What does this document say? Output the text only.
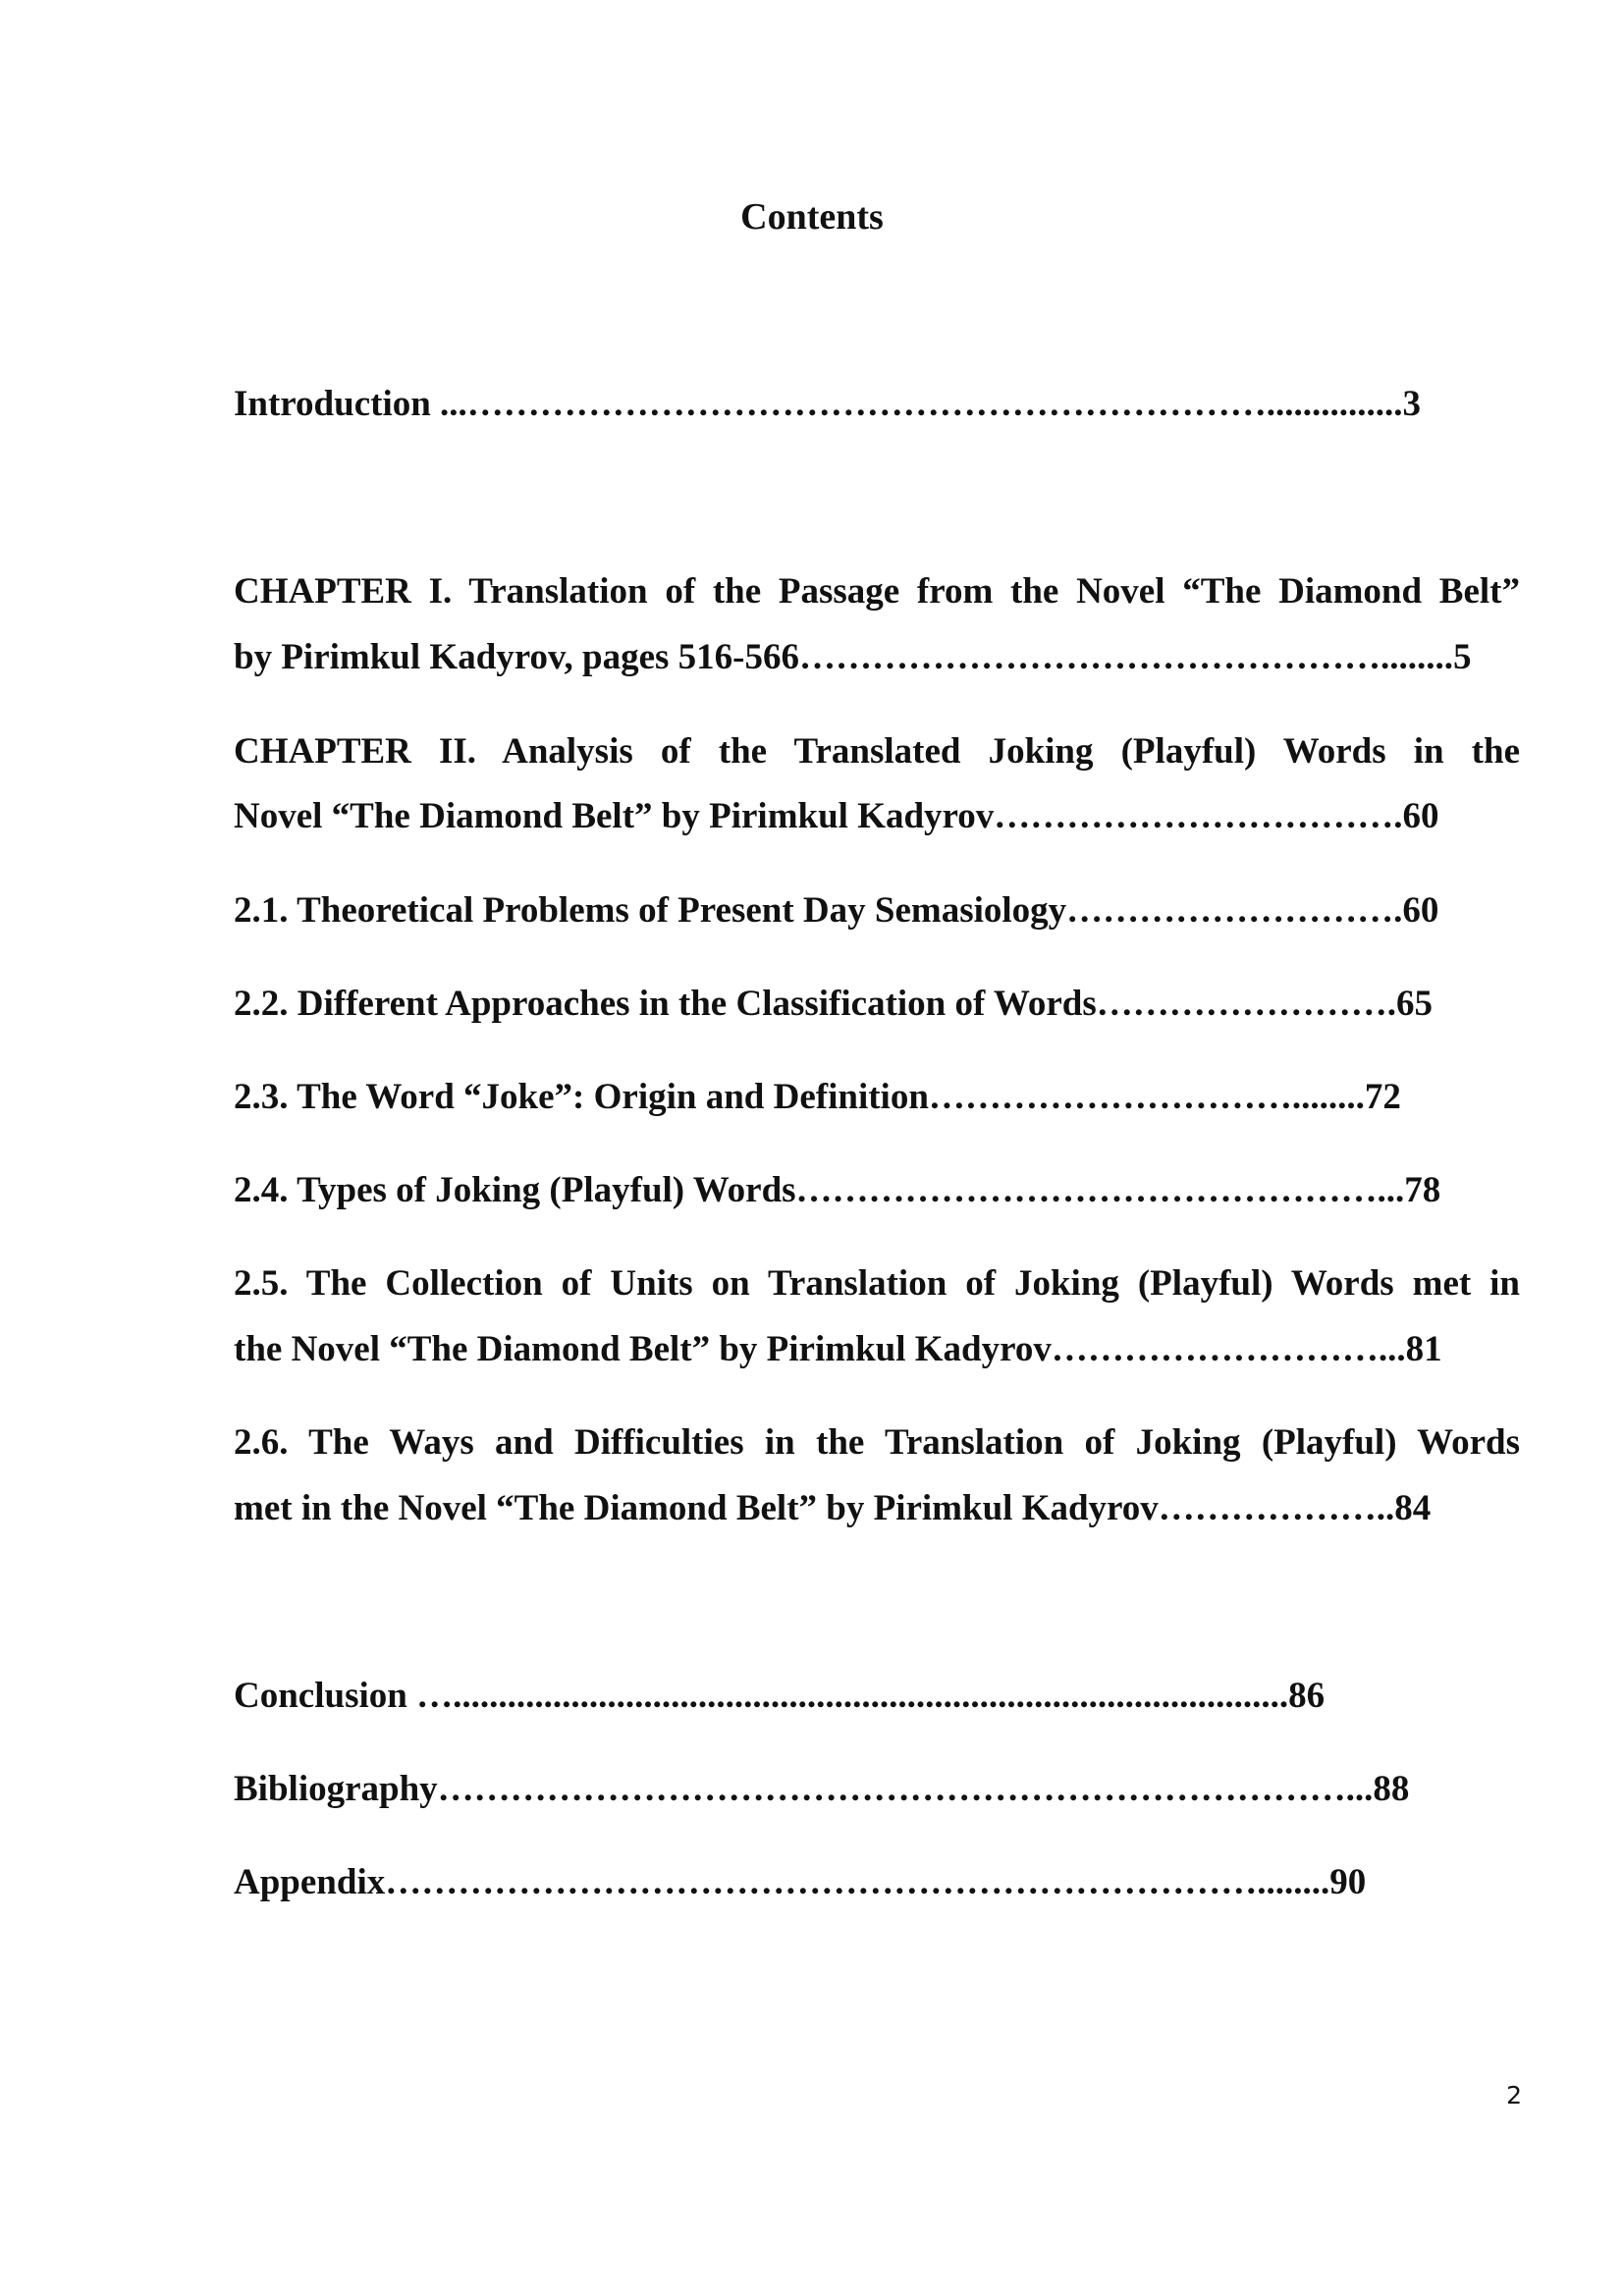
Contents

Introduction ...…………………………………………………………...............3

CHAPTER I. Translation of the Passage from the Novel “The Diamond Belt”

by Pirimkul Kadyrov, pages 516-566…………………………………………........5

CHAPTER II. Analysis of the Translated Joking (Playful) Words in the

Novel “The Diamond Belt” by Pirimkul Kadyrov…………………………….60

2.1. Theoretical Problems of Present Day Semasiology……………………….60

2.2. Different Approaches in the Classification of Words…………………….65

2.3. The Word “Joke”: Origin and Definition…………………………........72

2.4. Types of Joking (Playful) Words…………………………………………...78

2.5. The Collection of Units on Translation of Joking (Playful) Words met in

the Novel “The Diamond Belt” by Pirimkul Kadyrov………………………...81

2.6. The Ways and Difficulties in the Translation of Joking (Playful) Words

met in the Novel “The Diamond Belt” by Pirimkul Kadyrov………………..84

Conclusion …............................................................................................86

Bibliography…………………………………………………………………...88

Appendix………………………………………………………………........90

2
